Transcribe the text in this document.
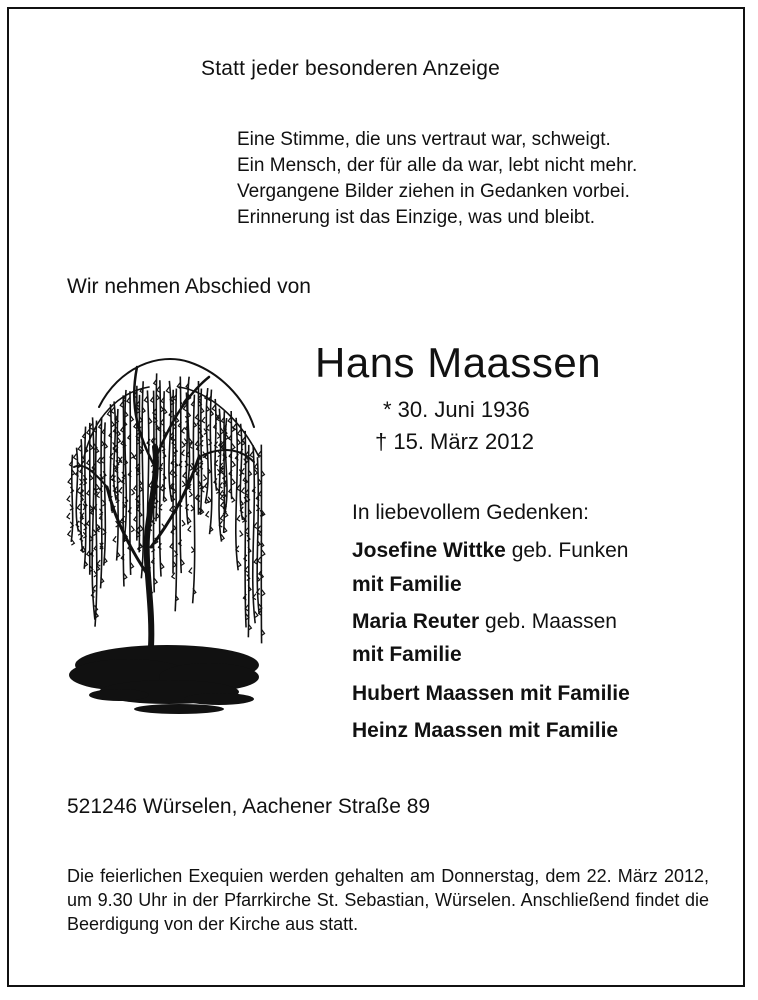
Statt jeder besonderen Anzeige
Eine Stimme, die uns vertraut war, schweigt.
Ein Mensch, der für alle da war, lebt nicht mehr.
Vergangene Bilder ziehen in Gedanken vorbei.
Erinnerung ist das Einzige, was und bleibt.
Wir nehmen Abschied von
Hans Maassen
* 30. Juni 1936
† 15. März 2012
In liebevollem Gedenken:
Josefine Wittke geb. Funken
mit Familie
Maria Reuter geb. Maassen
mit Familie
Hubert Maassen mit Familie
Heinz Maassen mit Familie
521246 Würselen, Aachener Straße 89
Die feierlichen Exequien werden gehalten am Donnerstag, dem 22. März 2012, um 9.30 Uhr in der Pfarrkirche St. Sebastian, Würselen. Anschließend findet die Beerdigung von der Kirche aus statt.
